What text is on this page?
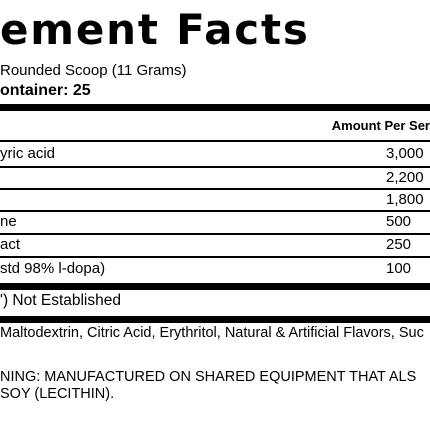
ement Facts
Rounded Scoop (11 Grams)
ontainer: 25
Amount Per Ser
yric acid	3,000
2,200
1,800
ne	500
act	250
std 98% l-dopa)	100
') Not Established
Maltodextrin, Citric Acid, Erythritol, Natural & Artificial Flavors, Suc
NING: MANUFACTURED ON SHARED EQUIPMENT THAT ALS
SOY (LECITHIN).
